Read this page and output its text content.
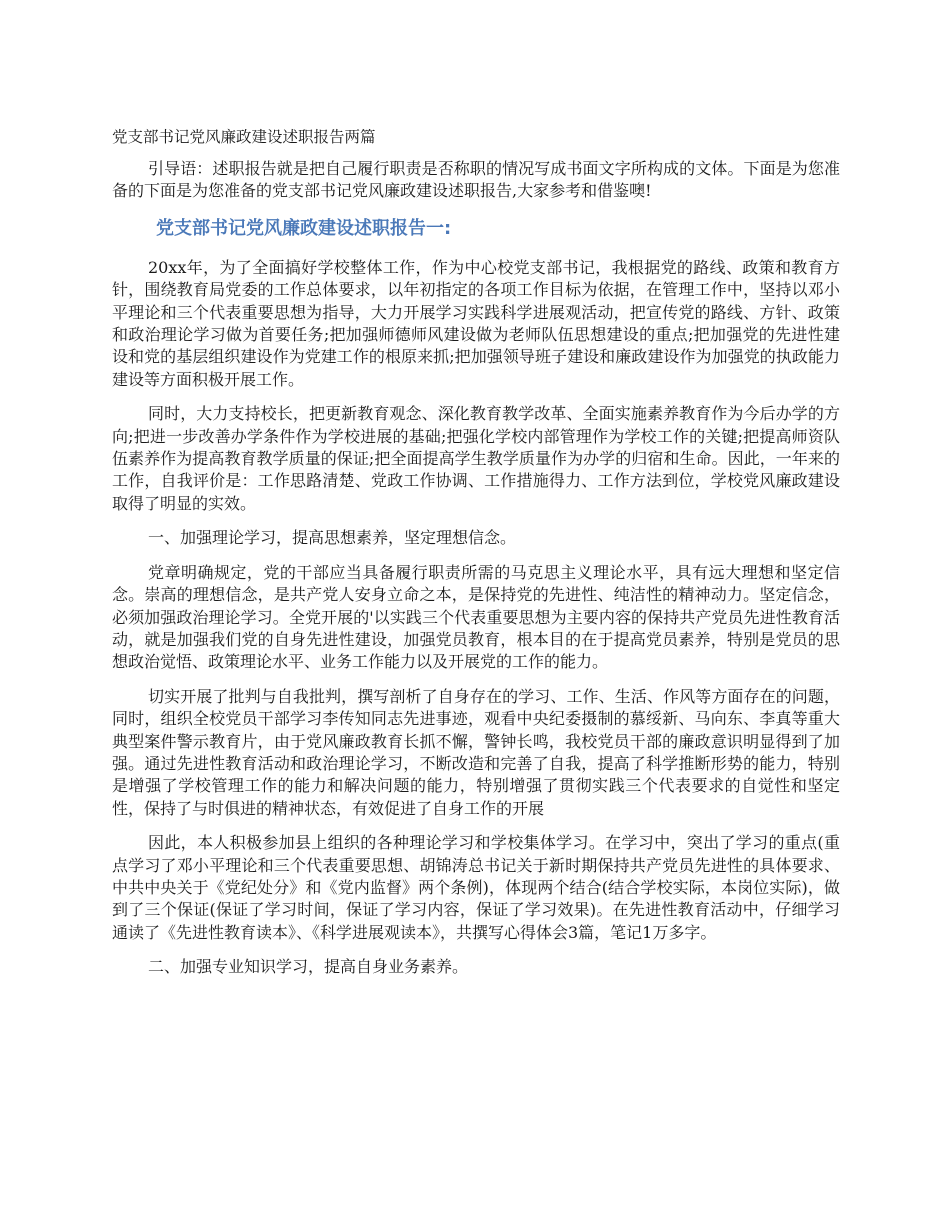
党支部书记党风廉政建设述职报告两篇

引导语：述职报告就是把自己履行职责是否称职的情况写成书面文字所构成的文体。下面是为您准备的下面是为您准备的党支部书记党风廉政建设述职报告,大家参考和借鉴噢!

党支部书记党风廉政建设述职报告一:

20xx年，为了全面搞好学校整体工作，作为中心校党支部书记，我根据党的路线、政策和教育方针，围绕教育局党委的工作总体要求，以年初指定的各项工作目标为依据，在管理工作中，坚持以邓小平理论和三个代表重要思想为指导，大力开展学习实践科学进展观活动，把宣传党的路线、方针、政策和政治理论学习做为首要任务;把加强师德师风建设做为老师队伍思想建设的重点;把加强党的先进性建设和党的基层组织建设作为党建工作的根原来抓;把加强领导班子建设和廉政建设作为加强党的执政能力建设等方面积极开展工作。

同时，大力支持校长，把更新教育观念、深化教育教学改革、全面实施素养教育作为今后办学的方向;把进一步改善办学条件作为学校进展的基础;把强化学校内部管理作为学校工作的关键;把提高师资队伍素养作为提高教育教学质量的保证;把全面提高学生教学质量作为办学的归宿和生命。因此，一年来的工作，自我评价是：工作思路清楚、党政工作协调、工作措施得力、工作方法到位，学校党风廉政建设取得了明显的实效。

一、加强理论学习，提高思想素养，坚定理想信念。

党章明确规定，党的干部应当具备履行职责所需的马克思主义理论水平，具有远大理想和坚定信念。崇高的理想信念，是共产党人安身立命之本，是保持党的先进性、纯洁性的精神动力。坚定信念，必须加强政治理论学习。全党开展的'以实践三个代表重要思想为主要内容的保持共产党员先进性教育活动，就是加强我们党的自身先进性建设，加强党员教育，根本目的在于提高党员素养，特别是党员的思想政治觉悟、政策理论水平、业务工作能力以及开展党的工作的能力。

切实开展了批判与自我批判，撰写剖析了自身存在的学习、工作、生活、作风等方面存在的问题，同时，组织全校党员干部学习李传知同志先进事迹，观看中央纪委摄制的慕绥新、马向东、李真等重大典型案件警示教育片，由于党风廉政教育长抓不懈，警钟长鸣，我校党员干部的廉政意识明显得到了加强。通过先进性教育活动和政治理论学习，不断改造和完善了自我，提高了科学推断形势的能力，特别是增强了学校管理工作的能力和解决问题的能力，特别增强了贯彻实践三个代表要求的自觉性和坚定性，保持了与时俱进的精神状态，有效促进了自身工作的开展

因此，本人积极参加县上组织的各种理论学习和学校集体学习。在学习中，突出了学习的重点(重点学习了邓小平理论和三个代表重要思想、胡锦涛总书记关于新时期保持共产党员先进性的具体要求、中共中央关于《党纪处分》和《党内监督》两个条例)，体现两个结合(结合学校实际，本岗位实际)，做到了三个保证(保证了学习时间，保证了学习内容，保证了学习效果)。在先进性教育活动中，仔细学习通读了《先进性教育读本》、《科学进展观读本》，共撰写心得体会3篇，笔记1万多字。

二、加强专业知识学习，提高自身业务素养。
